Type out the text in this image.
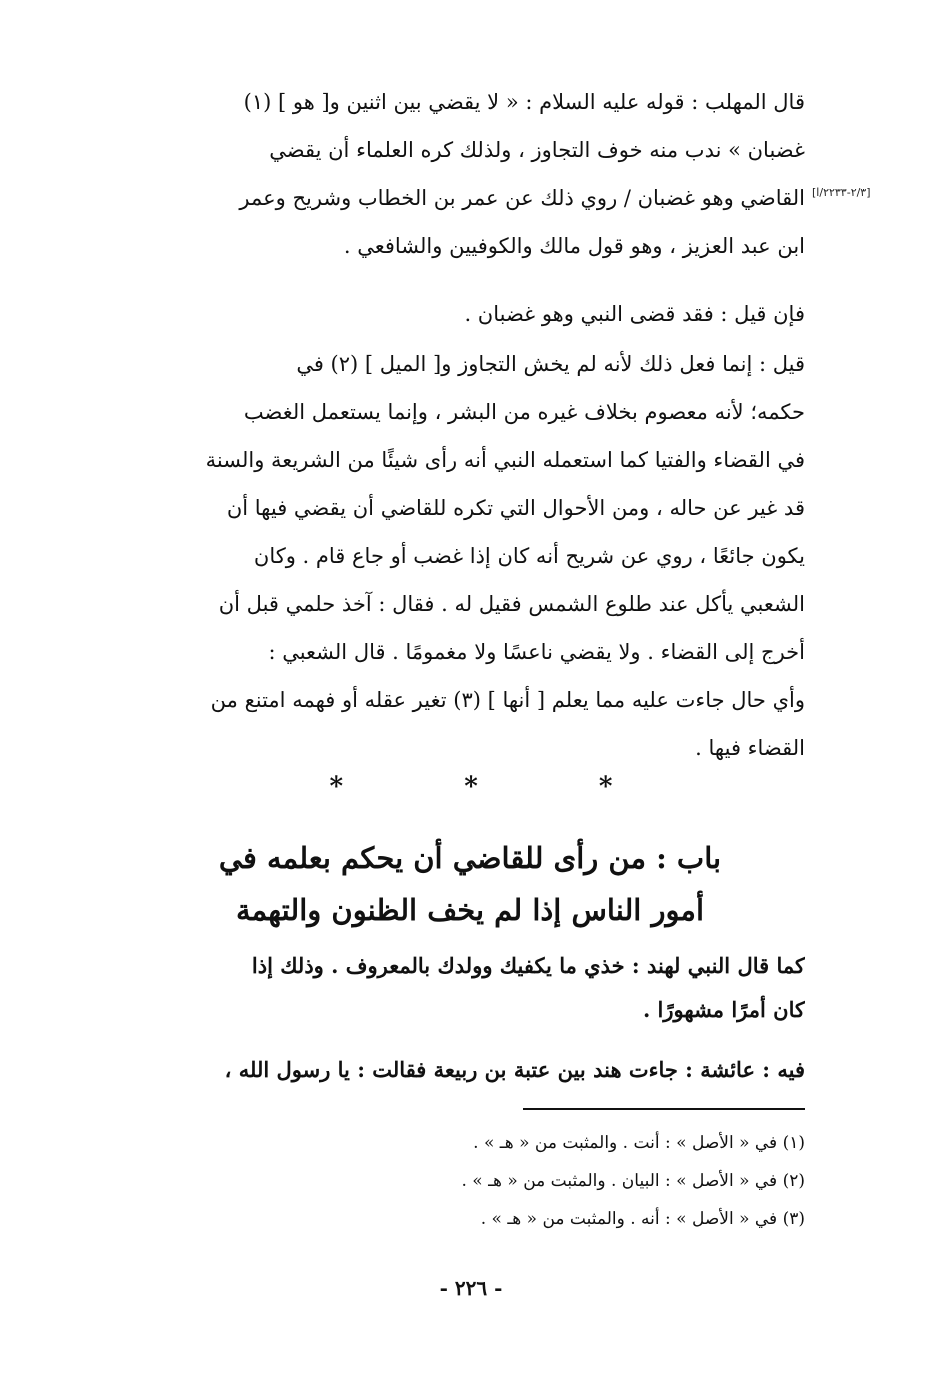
[٢/٣-٢٢٣٣/ا]
قال المهلب : قوله عليه السلام : « لا يقضي بين اثنين و[ هو ] (١)
غضبان » ندب منه خوف التجاوز ، ولذلك كره العلماء أن يقضي
القاضي وهو غضبان / روي ذلك عن عمر بن الخطاب وشريح وعمر
ابن عبد العزيز ، وهو قول مالك والكوفيين والشافعي .
فإن قيل : فقد قضى النبي وهو غضبان .
قيل : إنما فعل ذلك لأنه لم يخش التجاوز و[ الميل ] (٢) في
حكمه؛ لأنه معصوم بخلاف غيره من البشر ، وإنما يستعمل الغضب
في القضاء والفتيا كما استعمله النبي أنه رأى شيئًا من الشريعة والسنة
قد غير عن حاله ، ومن الأحوال التي تكره للقاضي أن يقضي فيها أن
يكون جائعًا ، روي عن شريح أنه كان إذا غضب أو جاع قام . وكان
الشعبي يأكل عند طلوع الشمس فقيل له . فقال : آخذ حلمي قبل أن
أخرج إلى القضاء . ولا يقضي ناعسًا ولا مغمومًا . قال الشعبي :
وأي حال جاءت عليه مما يعلم [ أنها ] (٣) تغير عقله أو فهمه امتنع من
القضاء فيها .
* * *
باب : من رأى للقاضي أن يحكم بعلمه في
أمور الناس إذا لم يخف الظنون والتهمة
كما قال النبي لهند : خذي ما يكفيك وولدك بالمعروف . وذلك إذا
كان أمرًا مشهورًا .
فيه : عائشة : جاءت هند بين عتبة بن ربيعة فقالت : يا رسول الله ،
(١) في « الأصل » : أنت . والمثبت من « هـ » .
(٢) في « الأصل » : البيان . والمثبت من « هـ » .
(٣) في « الأصل » : أنه . والمثبت من « هـ » .
- ٢٢٦ -
